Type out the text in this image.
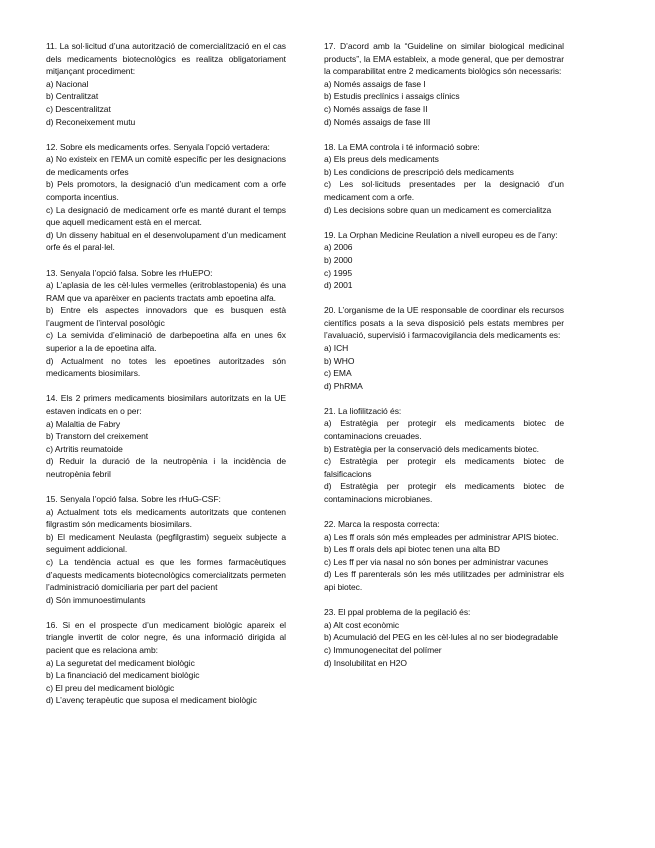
11. La sol·licitud d’una autorització de comercialització en el cas dels medicaments biotecnològics es realitza obligatoriament mitjançant procediment:

a) Nacional

b) Centralitzat

c) Descentralitzat

d) Reconeixement mutu

12. Sobre els medicaments orfes. Senyala l’opció vertadera:

a) No existeix en l’EMA un comitè específic per les designacions de medicaments orfes

b) Pels promotors, la designació d’un medicament com a orfe comporta incentius.

c) La designació de medicament orfe es manté durant el temps que aquell medicament està en el mercat.

d) Un disseny habitual en el desenvolupament d’un medicament orfe és el paral·lel.

13. Senyala l’opció falsa. Sobre les rHuEPO:

a) L’aplasia de les cèl·lules vermelles (eritroblastopenia) és una RAM que va aparèixer en pacients tractats amb epoetina alfa.

b) Entre els aspectes innovadors que es busquen està l’augment de l’interval posològic

c) La semivida d’eliminació de darbepoetina alfa en unes 6x superior a la de epoetina alfa.

d) Actualment no totes les epoetines autoritzades són medicaments biosimilars.

14. Els 2 primers medicaments biosimilars autoritzats en la UE estaven indicats en o per:

a) Malaltia de Fabry

b) Transtorn del creixement

c) Artritis reumatoide

d) Reduir la duració de la neutropènia i la incidència de neutropènia febril

15. Senyala l’opció falsa. Sobre les rHuG-CSF:

a) Actualment tots els medicaments autoritzats que contenen filgrastim són medicaments biosimilars.

b) El medicament Neulasta (pegfilgrastim) segueix subjecte a seguiment addicional.

c) La tendència actual es que les formes farmacèutiques d’aquests medicaments biotecnològics comercialitzats permeten l’administració domiciliaria per part del pacient

d) Són immunoestimulants

16. Si en el prospecte d’un medicament biològic apareix el triangle invertit de color negre, és una informació dirigida al pacient que es relaciona amb:

a) La seguretat del medicament biològic

b) La financiació del medicament biològic

c) El preu del medicament biològic

d) L’avenç terapèutic que suposa el medicament biològic

17. D’acord amb la “Guideline on similar biological medicinal products”, la EMA estableix, a mode general, que per demostrar la comparabilitat entre 2 medicaments biològics són necessaris:

a) Només assaigs de fase I

b) Estudis preclínics i assaigs clínics

c) Només assaigs de fase II

d) Només assaigs de fase III

18. La EMA controla i té informació sobre:

a) Els preus dels medicaments

b) Les condicions de prescripció dels medicaments

c) Les sol·licituds presentades per la designació d’un medicament com a orfe.

d) Les decisions sobre quan un medicament es comercialitza

19. La Orphan Medicine Reulation a nivell europeu es de l’any:

a) 2006

b) 2000

c) 1995

d) 2001

20. L’organisme de la UE responsable de coordinar els recursos científics posats a la seva disposició pels estats membres per l’avaluació, supervisió i farmacovigilancia dels medicaments es:

a) ICH

b) WHO

c) EMA

d) PhRMA

21. La liofilització és:

a) Estratègia per protegir els medicaments biotec de contaminacions creuades.

b) Estratègia per la conservació dels medicaments biotec.

c) Estratègia per protegir els medicaments biotec de falsificacions

d) Estratègia per protegir els medicaments biotec de contaminacions microbianes.

22. Marca la resposta correcta:

a) Les ff orals són més empleades per administrar APIS biotec.

b) Les ff orals dels api biotec tenen una alta BD

c) Les ff per via nasal no són bones per administrar vacunes

d) Les ff parenterals són les més utilitzades per administrar els api biotec.

23. El ppal problema de la pegilació és:

a) Alt cost econòmic

b) Acumulació del PEG en les cèl·lules al no ser biodegradable

c) Immunogenecitat del polímer

d) Insolubilitat en H2O
